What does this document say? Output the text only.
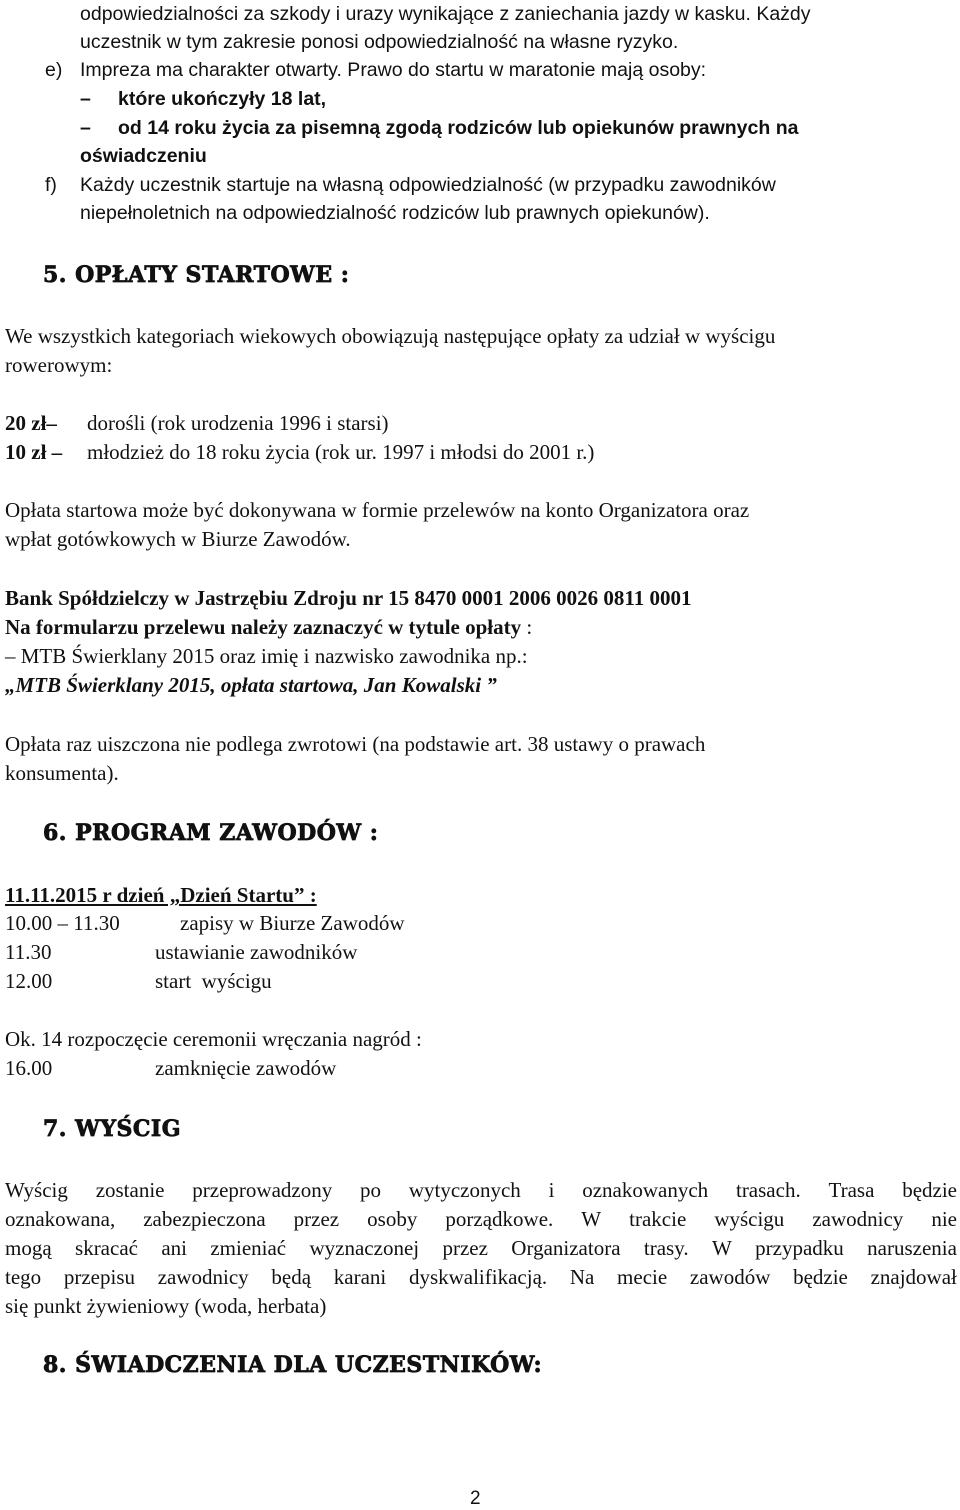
odpowiedzialności za szkody i urazy wynikające z zaniechania jazdy w kasku. Każdy
uczestnik w tym zakresie ponosi odpowiedzialność na własne ryzyko.
e) Impreza ma charakter otwarty. Prawo do startu w maratonie mają osoby:
– które ukończyły 18 lat,
– od 14 roku życia za pisemną zgodą rodziców lub opiekunów prawnych na
oświadczeniu
f) Każdy uczestnik startuje na własną odpowiedzialność (w przypadku zawodników
niepełnoletnich na odpowiedzialność rodziców lub prawnych opiekunów).
5. OPŁATY STARTOWE :
We wszystkich kategoriach wiekowych obowiązują następujące opłaty za udział w wyścigu
rowerowym:
20 zł– dorośli (rok urodzenia 1996 i starsi)
10 zł – młodzież do 18 roku życia (rok ur. 1997 i młodsi do 2001 r.)
Opłata startowa może być dokonywana w formie przelewów na konto Organizatora oraz
wpłat gotówkowych w Biurze Zawodów.
Bank Spółdzielczy w Jastrzębiu Zdroju nr 15 8470 0001 2006 0026 0811 0001
Na formularzu przelewu należy zaznaczyć w tytule opłaty :
– MTB Świerklany 2015 oraz imię i nazwisko zawodnika np.:
„MTB Świerklany 2015, opłata startowa, Jan Kowalski ”
Opłata raz uiszczona nie podlega zwrotowi (na podstawie art. 38 ustawy o prawach
konsumenta).
6. PROGRAM ZAWODÓW :
11.11.2015 r dzień „Dzień Startu” :
10.00 – 11.30	zapisy w Biurze Zawodów
11.30	ustawianie zawodników
12.00	start  wyścigu
Ok. 14 rozpoczęcie ceremonii wręczania nagród :
16.00	zamknięcie zawodów
7. WYŚCIG
Wyścig zostanie przeprowadzony po wytyczonych i oznakowanych trasach. Trasa będzie
oznakowana, zabezpieczona przez osoby porządkowe. W trakcie wyścigu zawodnicy nie
mogą skracać ani zmieniać wyznaczonej przez Organizatora trasy. W przypadku naruszenia
tego przepisu zawodnicy będą karani dyskwalifikacją. Na mecie zawodów będzie znajdował
się punkt żywieniowy (woda, herbata)
8. ŚWIADCZENIA DLA UCZESTNIKÓW:
2
